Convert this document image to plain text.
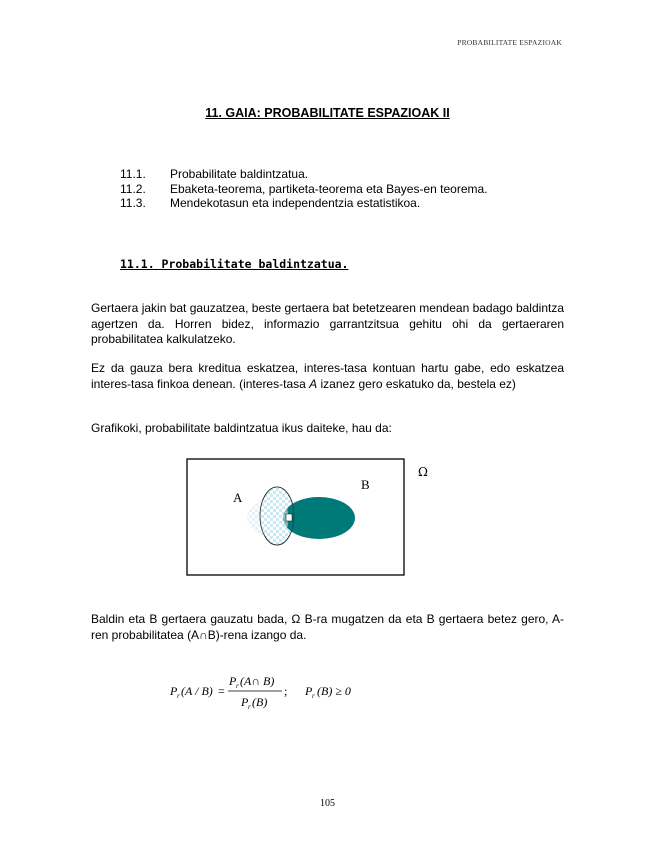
PROBABILITATE ESPAZIOAK
11. GAIA: PROBABILITATE ESPAZIOAK II
11.1.	Probabilitate baldintzatua.
11.2.	Ebaketa-teorema, partiketa-teorema eta Bayes-en teorema.
11.3.	Mendekotasun eta independentzia estatistikoa.
11.1. Probabilitate baldintzatua.
Gertaera jakin bat gauzatzea, beste gertaera bat betetzearen mendean badago baldintza agertzen da. Horren bidez, informazio garrantzitsua gehitu ohi da gertaeraren probabilitatea kalkulatzeko.
Ez da gauza bera kreditua eskatzea, interes-tasa kontuan hartu gabe, edo eskatzea interes-tasa finkoa denean. (interes-tasa A izanez gero eskatuko da, bestela ez)
Grafikoki, probabilitate baldintzatua ikus daiteke, hau da:
A
B
Ω
Baldin eta B gertaera gauzatu bada, Ω B-ra mugatzen da eta B gertaera betez gero, A-ren probabilitatea (A∩B)-rena izango da.
P r (A / B) =
P r (A∩ B)
P r (B)
; P r (B) ≥ 0
105
